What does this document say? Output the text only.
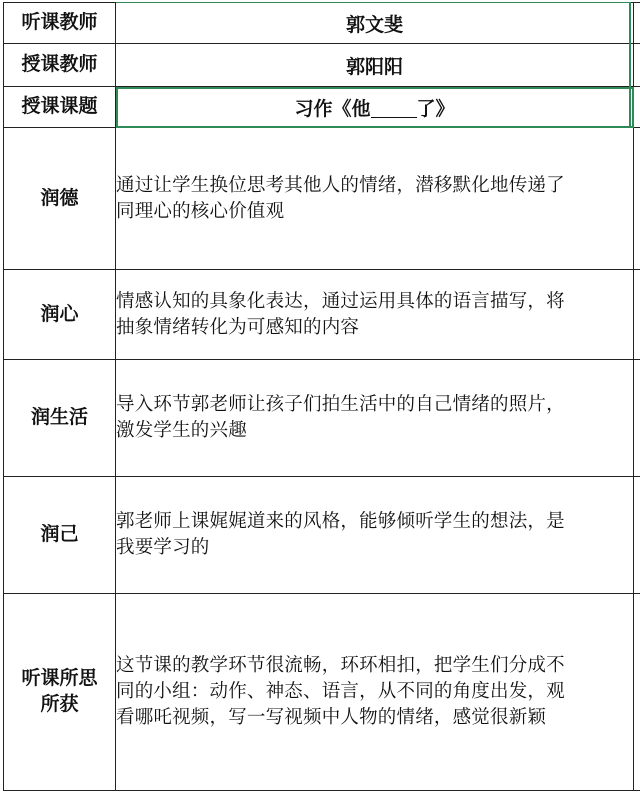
听课教师	郭文斐	
授课教师	郭阳阳	
授课课题	习作《他 了》	
润德	通过让学生换位思考其他人的情绪，潜移默化地传递了
同理心的核心价值观	

润心	情感认知的具象化表达，通过运用具体的语言描写，将
抽象情绪转化为可感知的内容	

润生活	导入环节郭老师让孩子们拍生活中的自己情绪的照片，
激发学生的兴趣	

润己	郭老师上课娓娓道来的风格，能够倾听学生的想法，是
我要学习的	

听课所思
所获	这节课的教学环节很流畅，环环相扣，把学生们分成不
同的小组：动作、神态、语言，从不同的角度出发，观
看哪吒视频，写一写视频中人物的情绪，感觉很新颖	
